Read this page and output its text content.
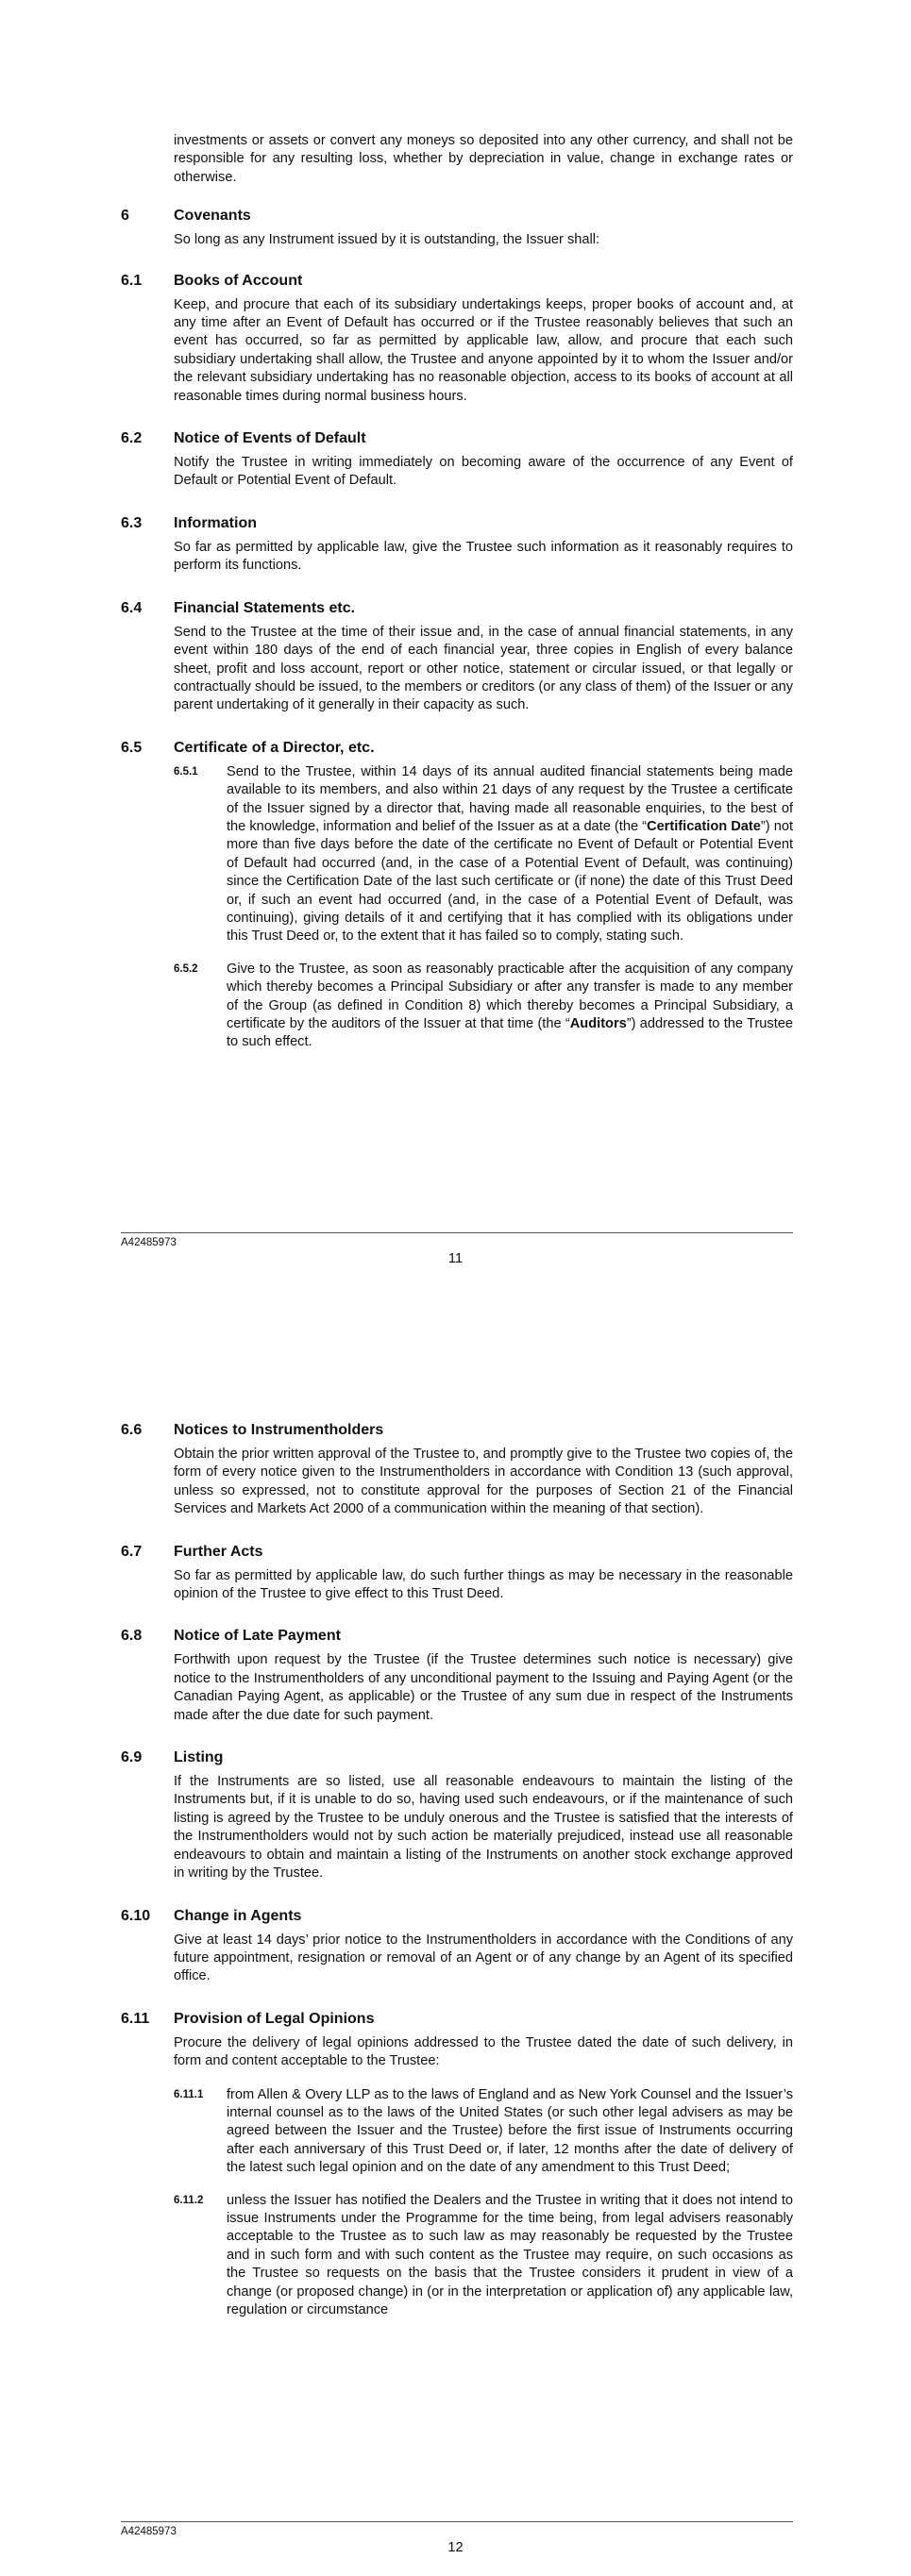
investments or assets or convert any moneys so deposited into any other currency, and shall not be responsible for any resulting loss, whether by depreciation in value, change in exchange rates or otherwise.

6	Covenants

So long as any Instrument issued by it is outstanding, the Issuer shall:

6.1	Books of Account

Keep, and procure that each of its subsidiary undertakings keeps, proper books of account and, at any time after an Event of Default has occurred or if the Trustee reasonably believes that such an event has occurred, so far as permitted by applicable law, allow, and procure that each such subsidiary undertaking shall allow, the Trustee and anyone appointed by it to whom the Issuer and/or the relevant subsidiary undertaking has no reasonable objection, access to its books of account at all reasonable times during normal business hours.

6.2	Notice of Events of Default

Notify the Trustee in writing immediately on becoming aware of the occurrence of any Event of Default or Potential Event of Default.

6.3	Information

So far as permitted by applicable law, give the Trustee such information as it reasonably requires to perform its functions.

6.4	Financial Statements etc.

Send to the Trustee at the time of their issue and, in the case of annual financial statements, in any event within 180 days of the end of each financial year, three copies in English of every balance sheet, profit and loss account, report or other notice, statement or circular issued, or that legally or contractually should be issued, to the members or creditors (or any class of them) of the Issuer or any parent undertaking of it generally in their capacity as such.

6.5	Certificate of a Director, etc.
6.5.1	Send to the Trustee, within 14 days of its annual audited financial statements being made available to its members, and also within 21 days of any request by the Trustee a certificate of the Issuer signed by a director that, having made all reasonable enquiries, to the best of the knowledge, information and belief of the Issuer as at a date (the “Certification Date”) not more than five days before the date of the certificate no Event of Default or Potential Event of Default had occurred (and, in the case of a Potential Event of Default, was continuing) since the Certification Date of the last such certificate or (if none) the date of this Trust Deed or, if such an event had occurred (and, in the case of a Potential Event of Default, was continuing), giving details of it and certifying that it has complied with its obligations under this Trust Deed or, to the extent that it has failed so to comply, stating such.

6.5.2	Give to the Trustee, as soon as reasonably practicable after the acquisition of any company which thereby becomes a Principal Subsidiary or after any transfer is made to any member of the Group (as defined in Condition 8) which thereby becomes a Principal Subsidiary, a certificate by the auditors of the Issuer at that time (the “Auditors”) addressed to the Trustee to such effect.

A42485973
11
6.6	Notices to Instrumentholders

Obtain the prior written approval of the Trustee to, and promptly give to the Trustee two copies of, the form of every notice given to the Instrumentholders in accordance with Condition 13 (such approval, unless so expressed, not to constitute approval for the purposes of Section 21 of the Financial Services and Markets Act 2000 of a communication within the meaning of that section).

6.7	Further Acts

So far as permitted by applicable law, do such further things as may be necessary in the reasonable opinion of the Trustee to give effect to this Trust Deed.

6.8	Notice of Late Payment

Forthwith upon request by the Trustee (if the Trustee determines such notice is necessary) give notice to the Instrumentholders of any unconditional payment to the Issuing and Paying Agent (or the Canadian Paying Agent, as applicable) or the Trustee of any sum due in respect of the Instruments made after the due date for such payment.

6.9	Listing

If the Instruments are so listed, use all reasonable endeavours to maintain the listing of the Instruments but, if it is unable to do so, having used such endeavours, or if the maintenance of such listing is agreed by the Trustee to be unduly onerous and the Trustee is satisfied that the interests of the Instrumentholders would not by such action be materially prejudiced, instead use all reasonable endeavours to obtain and maintain a listing of the Instruments on another stock exchange approved in writing by the Trustee.

6.10	Change in Agents

Give at least 14 days’ prior notice to the Instrumentholders in accordance with the Conditions of any future appointment, resignation or removal of an Agent or of any change by an Agent of its specified office.

6.11	Provision of Legal Opinions

Procure the delivery of legal opinions addressed to the Trustee dated the date of such delivery, in form and content acceptable to the Trustee:

6.11.1	from Allen & Overy LLP as to the laws of England and as New York Counsel and the Issuer’s internal counsel as to the laws of the United States (or such other legal advisers as may be agreed between the Issuer and the Trustee) before the first issue of Instruments occurring after each anniversary of this Trust Deed or, if later, 12 months after the date of delivery of the latest such legal opinion and on the date of any amendment to this Trust Deed;

6.11.2	unless the Issuer has notified the Dealers and the Trustee in writing that it does not intend to issue Instruments under the Programme for the time being, from legal advisers reasonably acceptable to the Trustee as to such law as may reasonably be requested by the Trustee and in such form and with such content as the Trustee may require, on such occasions as the Trustee so requests on the basis that the Trustee considers it prudent in view of a change (or proposed change) in (or in the interpretation or application of) any applicable law, regulation or circumstance

A42485973
12
